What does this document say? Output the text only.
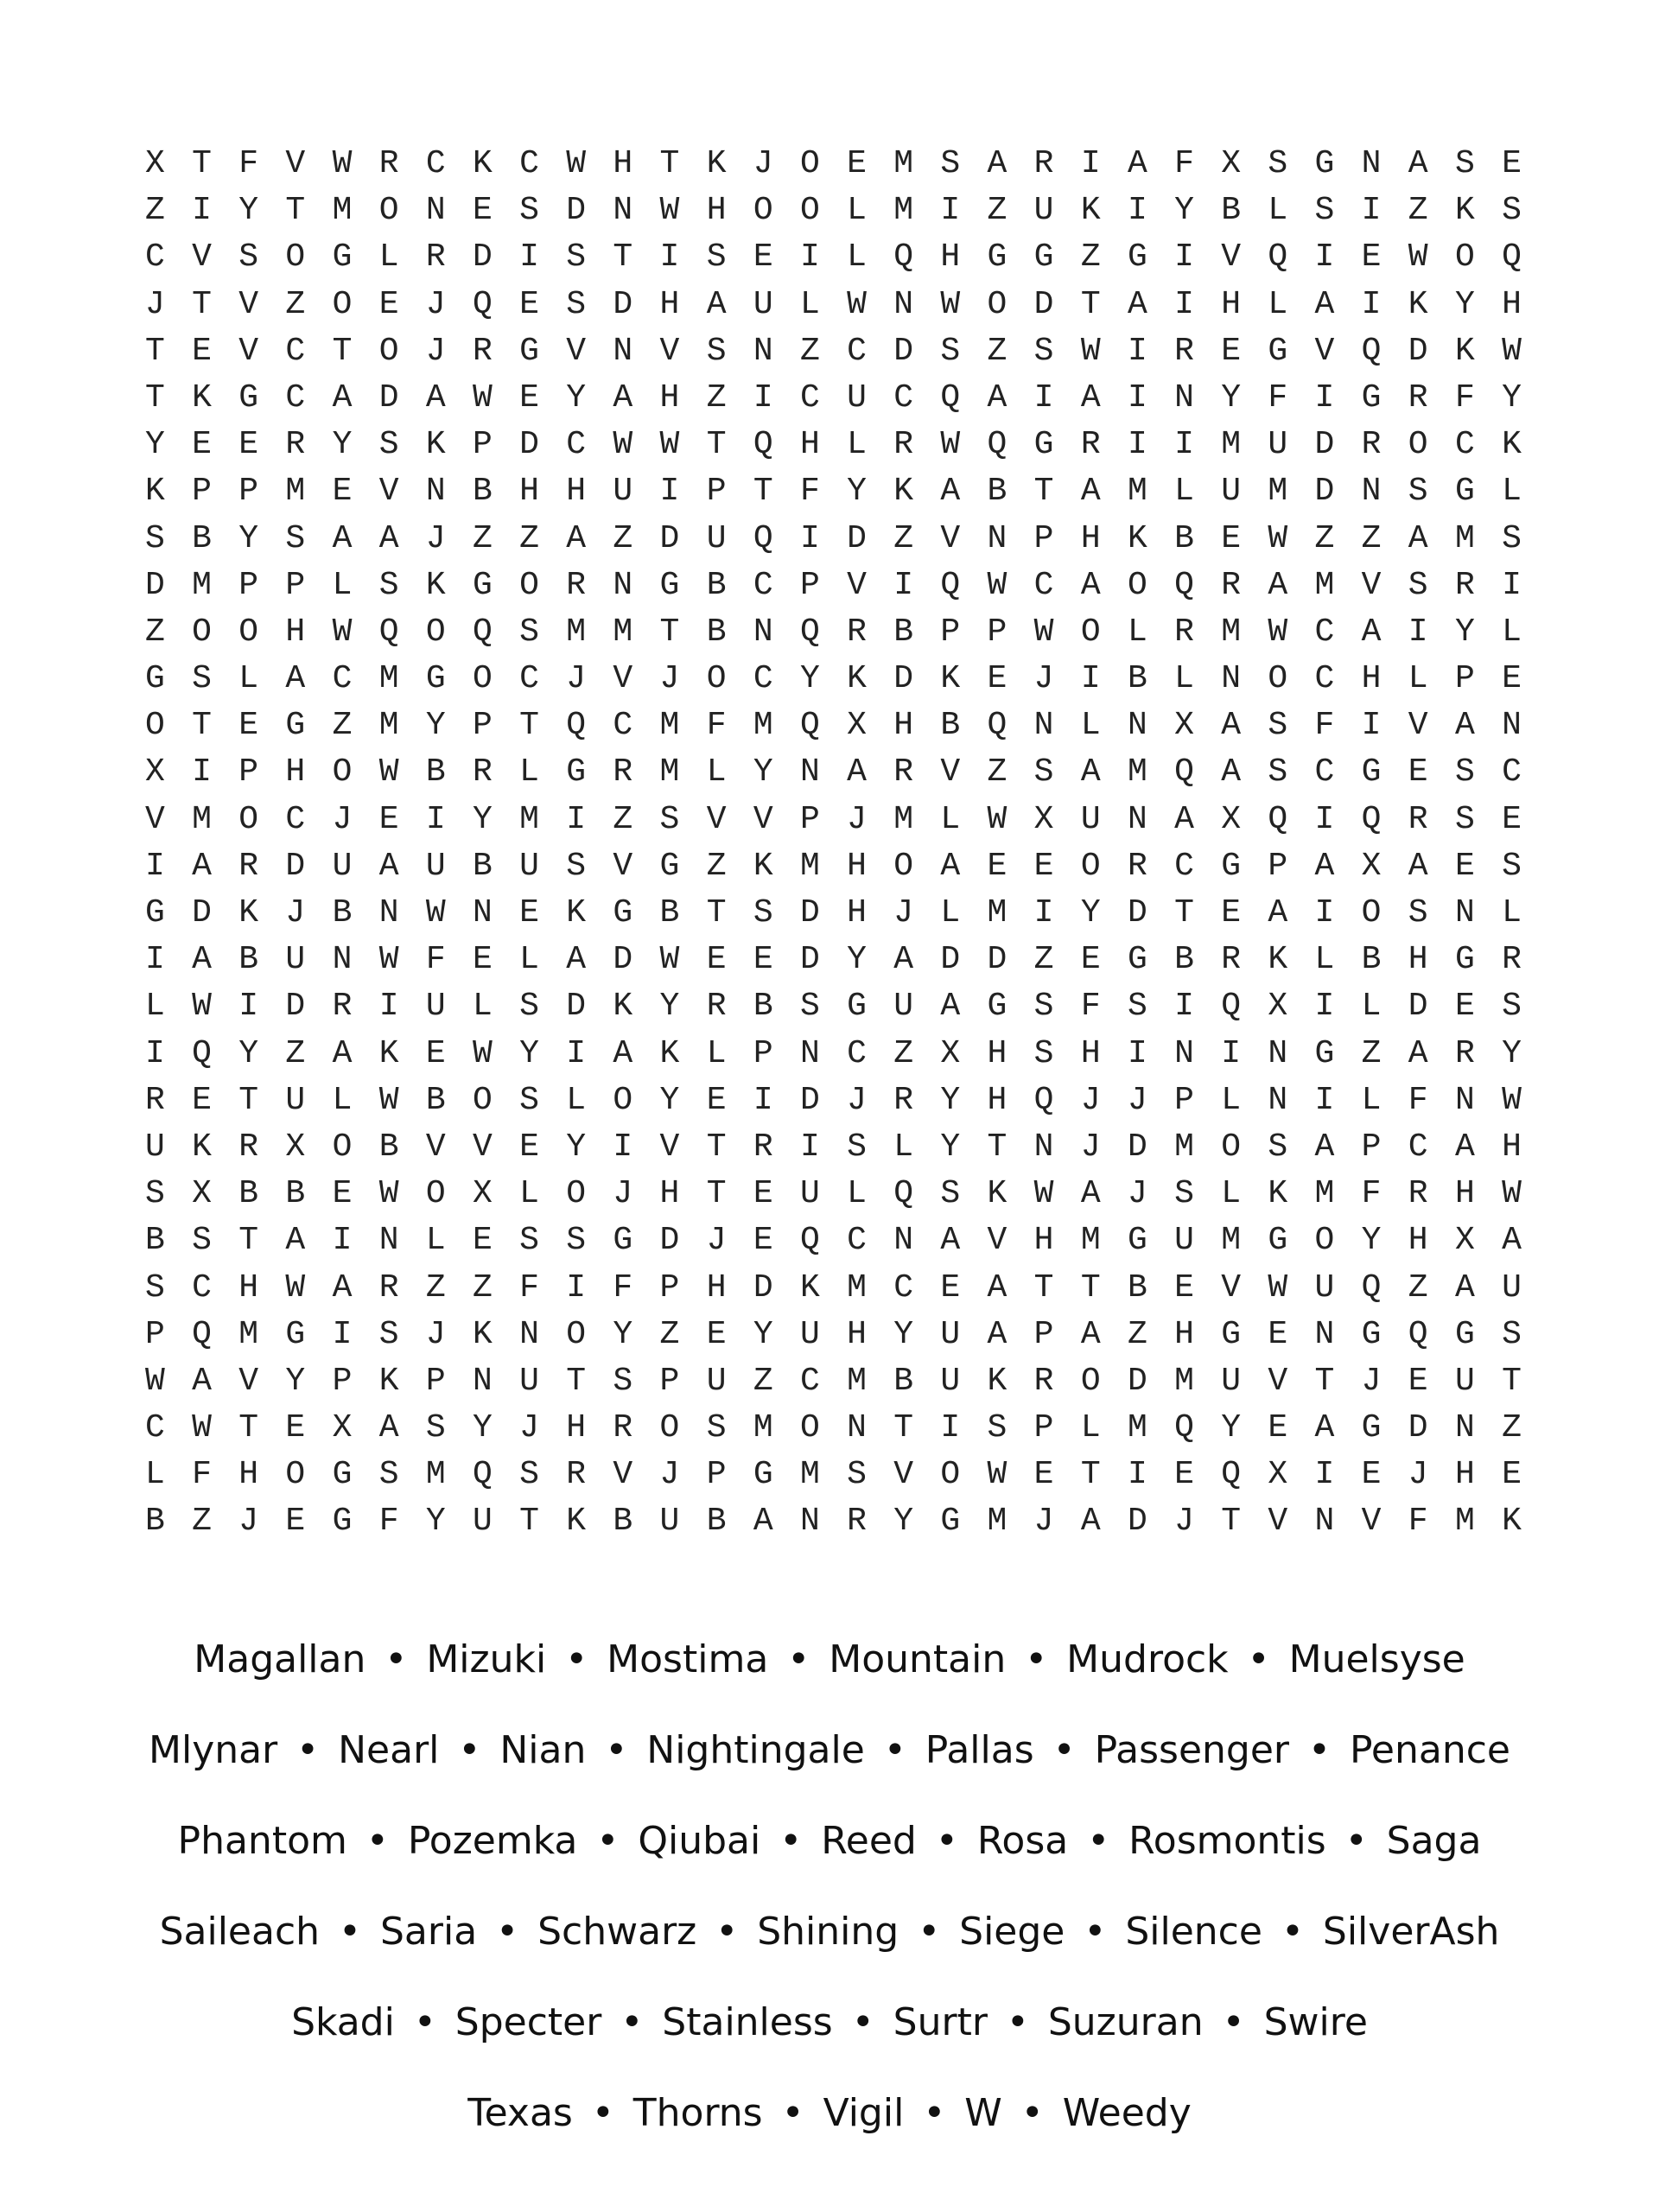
X T F V W R C K C W H T K J O E M S A R I A F X S G N A S E
Z I Y T M O N E S D N W H O O L M I Z U K I Y B L S I Z K S
C V S O G L R D I S T I S E I L Q H G G Z G I V Q I E W O Q
J T V Z O E J Q E S D H A U L W N W O D T A I H L A I K Y H
T E V C T O J R G V N V S N Z C D S Z S W I R E G V Q D K W
T K G C A D A W E Y A H Z I C U C Q A I A I N Y F I G R F Y
Y E E R Y S K P D C W W T Q H L R W Q G R I I M U D R O C K
K P P M E V N B H H U I P T F Y K A B T A M L U M D N S G L
S B Y S A A J Z Z A Z D U Q I D Z V N P H K B E W Z Z A M S
D M P P L S K G O R N G B C P V I Q W C A O Q R A M V S R I
Z O O H W Q O Q S M M T B N Q R B P P W O L R M W C A I Y L
G S L A C M G O C J V J O C Y K D K E J I B L N O C H L P E
O T E G Z M Y P T Q C M F M Q X H B Q N L N X A S F I V A N
X I P H O W B R L G R M L Y N A R V Z S A M Q A S C G E S C
V M O C J E I Y M I Z S V V P J M L W X U N A X Q I Q R S E
I A R D U A U B U S V G Z K M H O A E E O R C G P A X A E S
G D K J B N W N E K G B T S D H J L M I Y D T E A I O S N L
I A B U N W F E L A D W E E D Y A D D Z E G B R K L B H G R
L W I D R I U L S D K Y R B S G U A G S F S I Q X I L D E S
I Q Y Z A K E W Y I A K L P N C Z X H S H I N I N G Z A R Y
R E T U L W B O S L O Y E I D J R Y H Q J J P L N I L F N W
U K R X O B V V E Y I V T R I S L Y T N J D M O S A P C A H
S X B B E W O X L O J H T E U L Q S K W A J S L K M F R H W
B S T A I N L E S S G D J E Q C N A V H M G U M G O Y H X A
S C H W A R Z Z F I F P H D K M C E A T T B E V W U Q Z A U
P Q M G I S J K N O Y Z E Y U H Y U A P A Z H G E N G Q G S
W A V Y P K P N U T S P U Z C M B U K R O D M U V T J E U T
C W T E X A S Y J H R O S M O N T I S P L M Q Y E A G D N Z
L F H O G S M Q S R V J P G M S V O W E T I E Q X I E J H E
B Z J E G F Y U T K B U B A N R Y G M J A D J T V N V F M K
Magallan • Mizuki • Mostima • Mountain • Mudrock • Muelsyse
Mlynar • Nearl • Nian • Nightingale • Pallas • Passenger • Penance
Phantom • Pozemka • Qiubai • Reed • Rosa • Rosmontis • Saga
Saileach • Saria • Schwarz • Shining • Siege • Silence • SilverAsh
Skadi • Specter • Stainless • Surtr • Suzuran • Swire
Texas • Thorns • Vigil • W • Weedy
